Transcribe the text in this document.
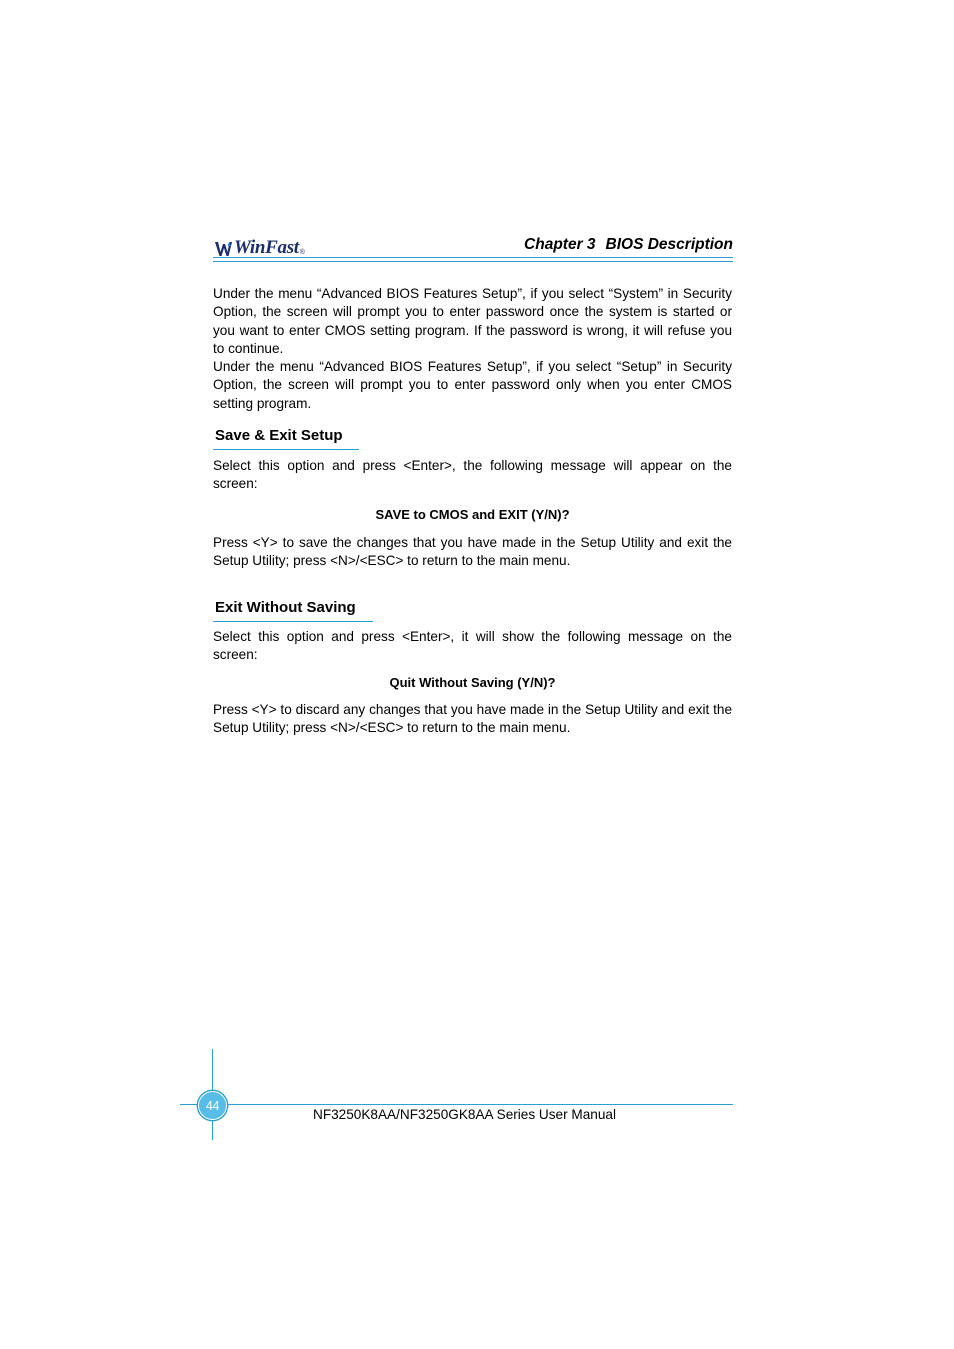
WinFast ®	Chapter 3 BIOS Description

Under the menu “Advanced BIOS Features Setup”, if you select “System” in Security Option, the screen will prompt you to enter password once the system is started or you want to enter CMOS setting program. If the password is wrong, it will refuse you to continue.

Under the menu “Advanced BIOS Features Setup”, if you select “Setup” in Security Option, the screen will prompt you to enter password only when you enter CMOS setting program.

Save & Exit Setup

Select this option and press <Enter>, the following message will appear on the screen:

SAVE to CMOS and EXIT (Y/N)?

Press <Y> to save the changes that you have made in the Setup Utility and exit the Setup Utility; press <N>/<ESC> to return to the main menu.

Exit Without Saving

Select this option and press <Enter>, it will show the following message on the screen:

Quit Without Saving (Y/N)?

Press <Y> to discard any changes that you have made in the Setup Utility and exit the Setup Utility; press <N>/<ESC> to return to the main menu.

44
NF3250K8AA/NF3250GK8AA Series User Manual
